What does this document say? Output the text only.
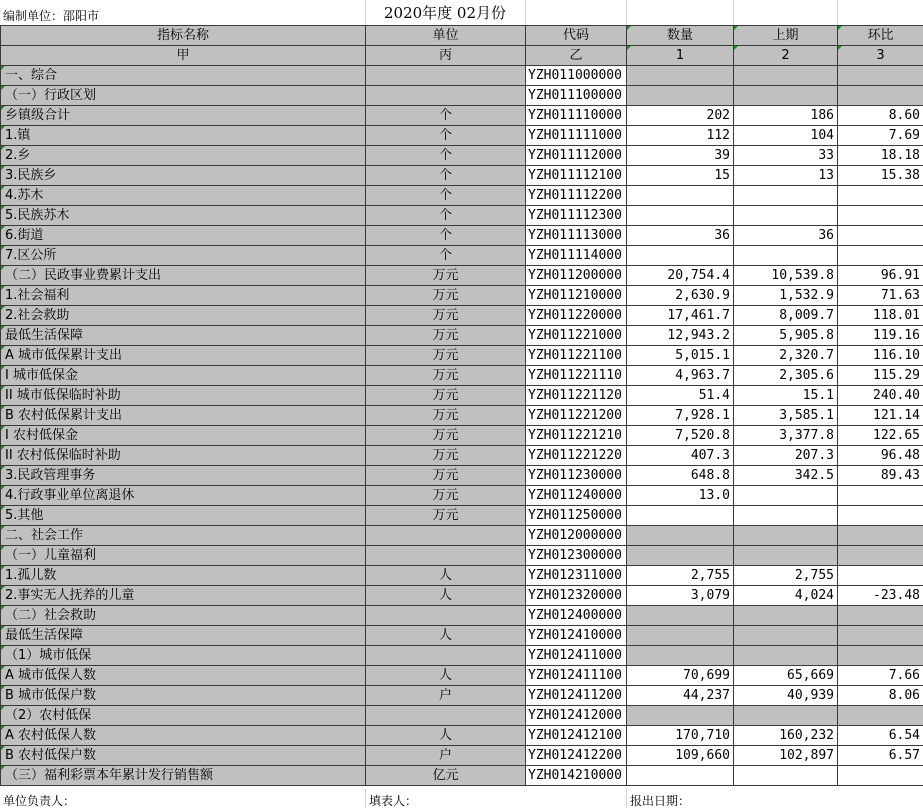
编制单位：邵阳市	2020年度 02月份
指标名称	单位	代码	数量	上期	环比
甲	丙	乙	1	2	3

一、综合		YZH011000000			

（一）行政区划		YZH011100000			

乡镇级合计	个	YZH011110000	202	186	8.60

1.镇	个	YZH011111000	112	104	7.69

2.乡	个	YZH011112000	39	33	18.18

3.民族乡	个	YZH011112100	15	13	15.38

4.苏木	个	YZH011112200			

5.民族苏木	个	YZH011112300			

6.街道	个	YZH011113000	36	36	

7.区公所	个	YZH011114000			

（二）民政事业费累计支出	万元	YZH011200000	20,754.4	10,539.8	96.91

1.社会福利	万元	YZH011210000	2,630.9	1,532.9	71.63

2.社会救助	万元	YZH011220000	17,461.7	8,009.7	118.01

最低生活保障	万元	YZH011221000	12,943.2	5,905.8	119.16

A 城市低保累计支出	万元	YZH011221100	5,015.1	2,320.7	116.10

I 城市低保金	万元	YZH011221110	4,963.7	2,305.6	115.29

II 城市低保临时补助	万元	YZH011221120	51.4	15.1	240.40

B 农村低保累计支出	万元	YZH011221200	7,928.1	3,585.1	121.14

I 农村低保金	万元	YZH011221210	7,520.8	3,377.8	122.65

II 农村低保临时补助	万元	YZH011221220	407.3	207.3	96.48

3.民政管理事务	万元	YZH011230000	648.8	342.5	89.43

4.行政事业单位离退休	万元	YZH011240000	13.0		

5.其他	万元	YZH011250000			

二、社会工作		YZH012000000			

（一）儿童福利		YZH012300000			

1.孤儿数	人	YZH012311000	2,755	2,755	

2.事实无人抚养的儿童	人	YZH012320000	3,079	4,024	-23.48

（二）社会救助		YZH012400000			

最低生活保障	人	YZH012410000			

（1）城市低保		YZH012411000			

A 城市低保人数	人	YZH012411100	70,699	65,669	7.66

B 城市低保户数	户	YZH012411200	44,237	40,939	8.06

（2）农村低保		YZH012412000			

A 农村低保人数	人	YZH012412100	170,710	160,232	6.54

B 农村低保户数	户	YZH012412200	109,660	102,897	6.57

（三）福利彩票本年累计发行销售额	亿元	YZH014210000			
单位负责人：	填表人：	报出日期：
